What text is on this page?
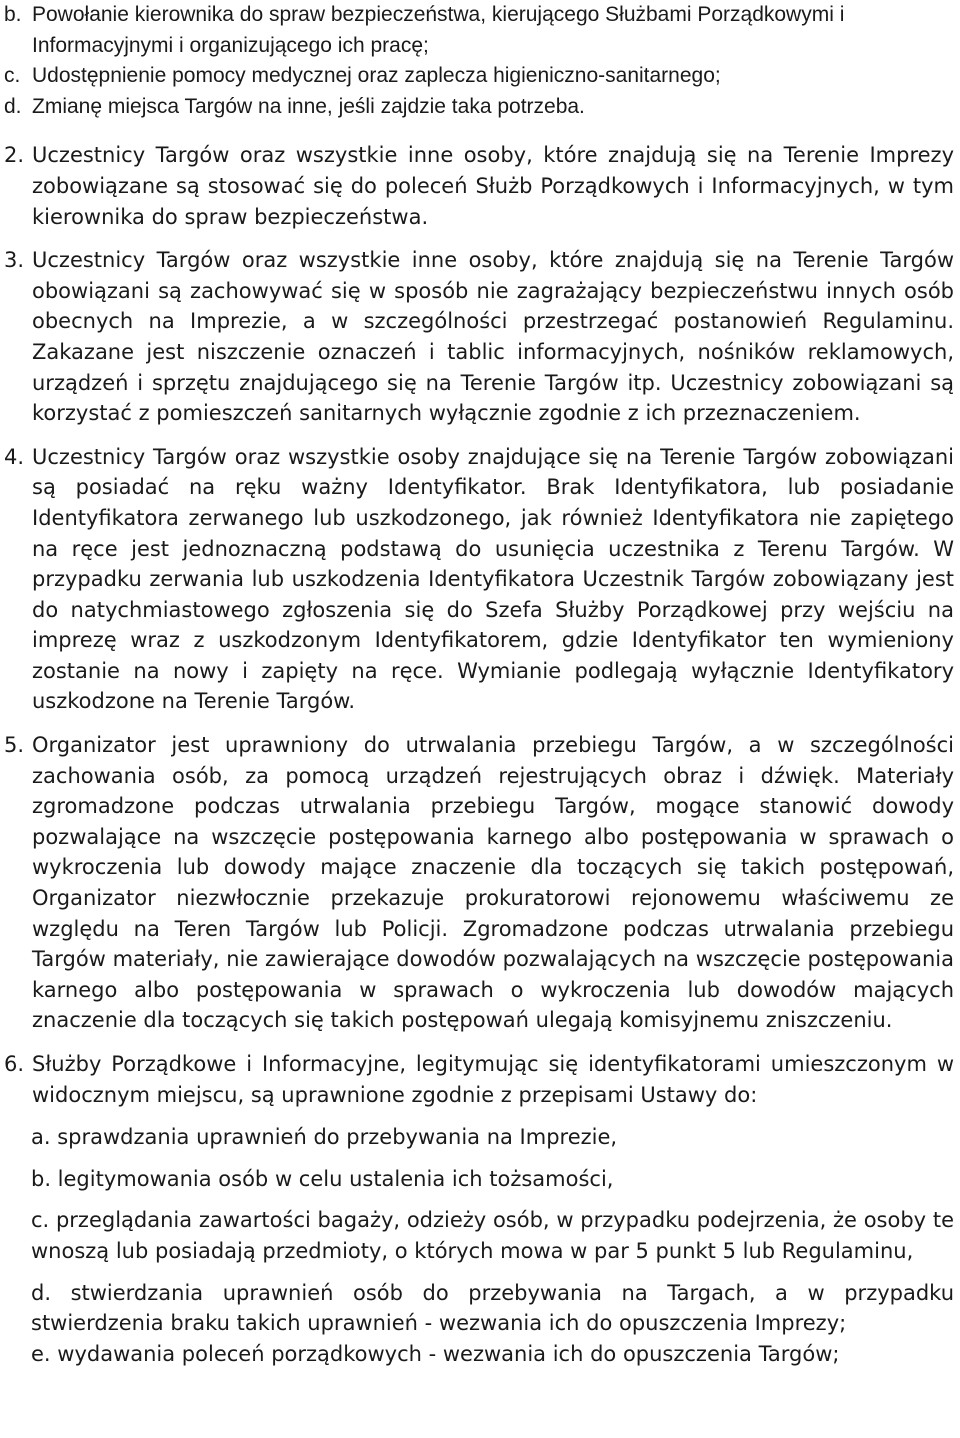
b. Powołanie kierownika do spraw bezpieczeństwa, kierującego Służbami Porządkowymi i Informacyjnymi i organizującego ich pracę;
c. Udostępnienie pomocy medycznej oraz zaplecza higieniczno-sanitarnego;
d. Zmianę miejsca Targów na inne, jeśli zajdzie taka potrzeba.
2. Uczestnicy Targów oraz wszystkie inne osoby, które znajdują się na Terenie Imprezy zobowiązane są stosować się do poleceń Służb Porządkowych i Informacyjnych, w tym kierownika do spraw bezpieczeństwa.
3. Uczestnicy Targów oraz wszystkie inne osoby, które znajdują się na Terenie Targów obowiązani są zachowywać się w sposób nie zagrażający bezpieczeństwu innych osób obecnych na Imprezie, a w szczególności przestrzegać postanowień Regulaminu. Zakazane jest niszczenie oznaczeń i tablic informacyjnych, nośników reklamowych, urządzeń i sprzętu znajdującego się na Terenie Targów itp. Uczestnicy zobowiązani są korzystać z pomieszczeń sanitarnych wyłącznie zgodnie z ich przeznaczeniem.
4. Uczestnicy Targów oraz wszystkie osoby znajdujące się na Terenie Targów zobowiązani są posiadać na ręku ważny Identyfikator. Brak Identyfikatora, lub posiadanie Identyfikatora zerwanego lub uszkodzonego, jak również Identyfikatora nie zapiętego na ręce jest jednoznaczną podstawą do usunięcia uczestnika z Terenu Targów. W przypadku zerwania lub uszkodzenia Identyfikatora Uczestnik Targów zobowiązany jest do natychmiastowego zgłoszenia się do Szefa Służby Porządkowej przy wejściu na imprezę wraz z uszkodzonym Identyfikatorem, gdzie Identyfikator ten wymieniony zostanie na nowy i zapięty na ręce. Wymianie podlegają wyłącznie Identyfikatory uszkodzone na Terenie Targów.
5. Organizator jest uprawniony do utrwalania przebiegu Targów, a w szczególności zachowania osób, za pomocą urządzeń rejestrujących obraz i dźwięk. Materiały zgromadzone podczas utrwalania przebiegu Targów, mogące stanowić dowody pozwalające na wszczęcie postępowania karnego albo postępowania w sprawach o wykroczenia lub dowody mające znaczenie dla toczących się takich postępowań, Organizator niezwłocznie przekazuje prokuratorowi rejonowemu właściwemu ze względu na Teren Targów lub Policji. Zgromadzone podczas utrwalania przebiegu Targów materiały, nie zawierające dowodów pozwalających na wszczęcie postępowania karnego albo postępowania w sprawach o wykroczenia lub dowodów mających znaczenie dla toczących się takich postępowań ulegają komisyjnemu zniszczeniu.
6. Służby Porządkowe i Informacyjne, legitymując się identyfikatorami umieszczonym w widocznym miejscu, są uprawnione zgodnie z przepisami Ustawy do:
a. sprawdzania uprawnień do przebywania na Imprezie,
b. legitymowania osób w celu ustalenia ich tożsamości,
c. przeglądania zawartości bagaży, odzieży osób, w przypadku podejrzenia, że osoby te wnoszą lub posiadają przedmioty, o których mowa w par 5 punkt 5 lub Regulaminu,
d. stwierdzania uprawnień osób do przebywania na Targach, a w przypadku stwierdzenia braku takich uprawnień - wezwania ich do opuszczenia Imprezy;
e. wydawania poleceń porządkowych - wezwania ich do opuszczenia Targów;
